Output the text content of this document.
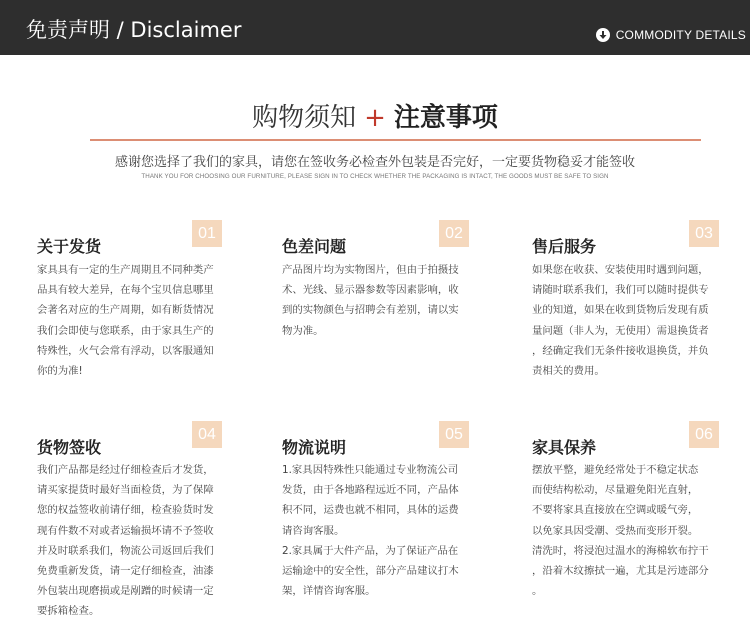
免责声明 / Disclaimer	COMMODITY DETAILS
购物须知 + 注意事项
感谢您选择了我们的家具，请您在签收务必检查外包装是否完好，一定要货物稳妥才能签收
THANK YOU FOR CHOOSING OUR FURNITURE, PLEASE SIGN IN TO CHECK WHETHER THE PACKAGING IS INTACT, THE GOODS MUST BE SAFE TO SIGN
关于发货
01
家具具有一定的生产周期且不同种类产
品具有较大差异，在每个宝贝信息哪里
会著名对应的生产周期，如有断货情况
我们会即使与您联系，由于家具生产的
特殊性，火气会常有浮动，以客服通知
你的为准!
色差问题
02
产品图片均为实物图片，但由于拍摄技
术、光线、显示器参数等因素影响，收
到的实物颜色与招聘会有差别，请以实
物为准。
售后服务
03
如果您在收获、安装使用时遇到问题，
请随时联系我们，我们可以随时提供专
业的知道，如果在收到货物后发现有质
量问题（非人为，无使用）需退换货者
，经确定我们无条件接收退换货，并负
责相关的费用。
货物签收
04
我们产品都是经过仔细检查后才发货，
请买家提货时最好当面检货，为了保障
您的权益签收前请仔细，检查验货时发
现有件数不对或者运输损坏请不予签收
并及时联系我们，物流公司返回后我们
免费重新发货，请一定仔细检查，油漆
外包装出现磨损或是剐蹭的时候请一定
要拆箱检查。
物流说明
05
1.家具因特殊性只能通过专业物流公司
发货，由于各地路程远近不同，产品体
积不同，运费也就不相同，具体的运费
请咨询客服。
2.家具属于大件产品，为了保证产品在
运输途中的安全性，部分产品建议打木
架，详情咨询客服。
家具保养
06
摆放平整，避免经常处于不稳定状态
而使结构松动，尽量避免阳光直射，
不要将家具直接放在空调或暖气旁，
以免家具因受潮、受热而变形开裂。
清洗时，将浸泡过温水的海棉软布拧干
，沿着木纹擦拭一遍，尤其是污迹部分
。
